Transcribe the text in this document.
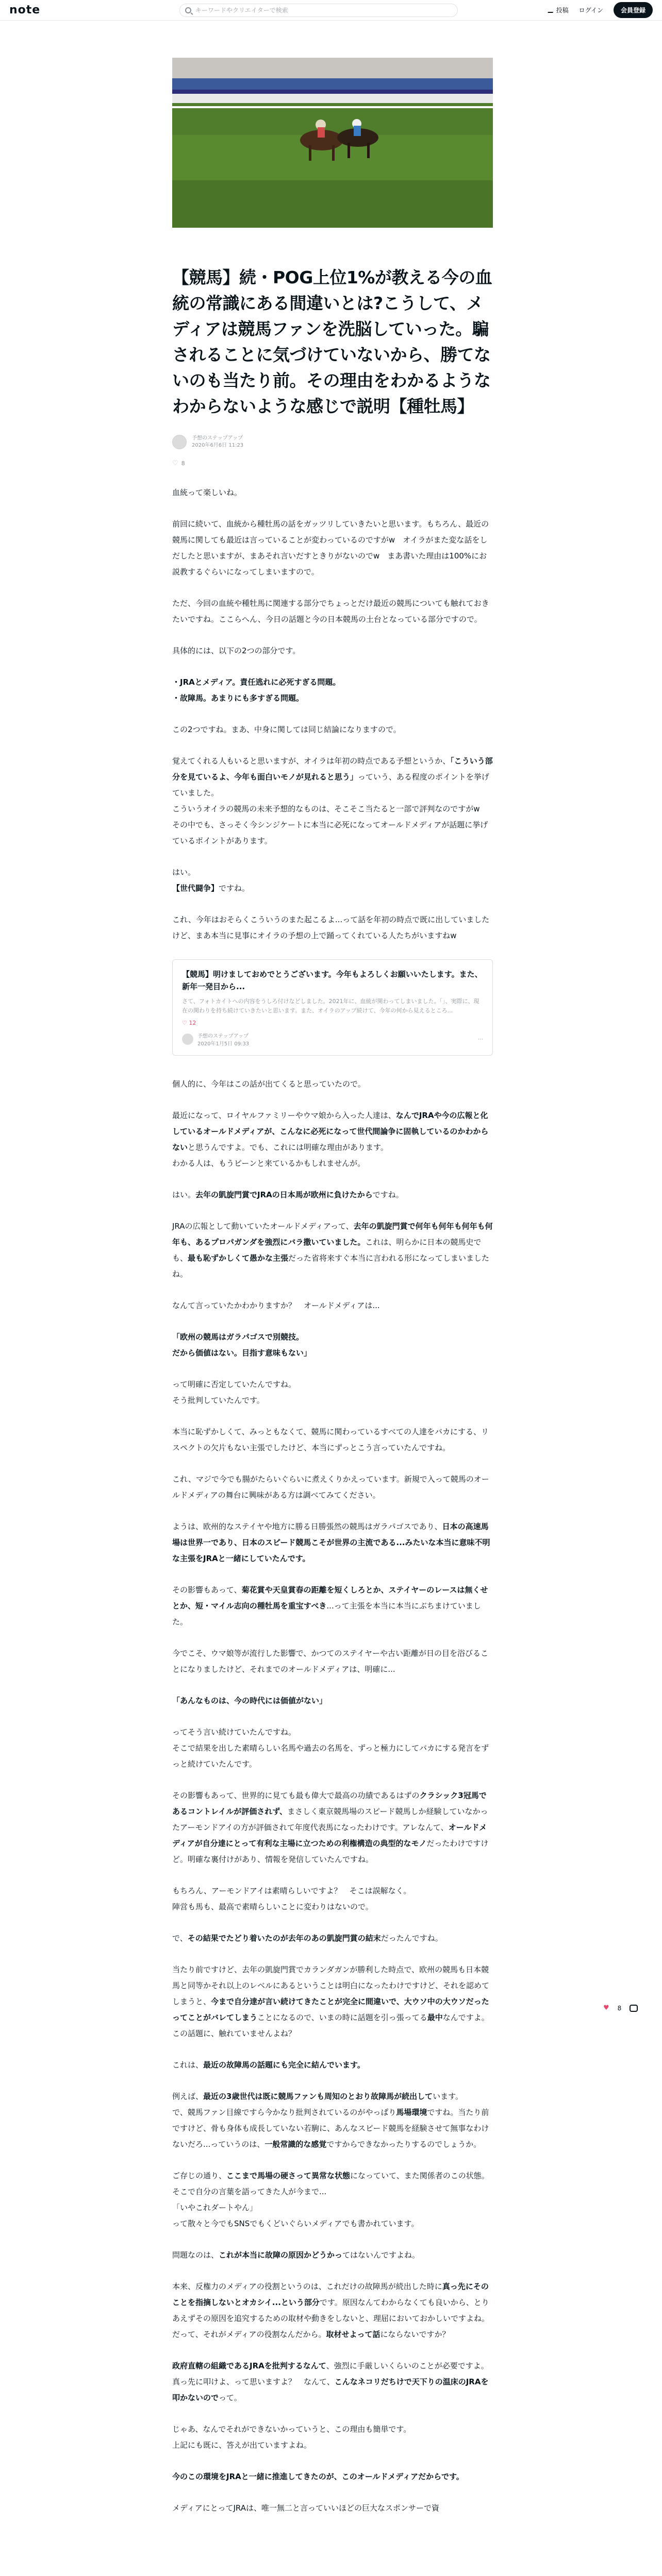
note	キーワードやクリエイターで検索	投稿 ログイン	会員登録
【競馬】続・POG上位1%が教える今の血統の常識にある間違いとは?こうして、メディアは競馬ファンを洗脳していった。騙されることに気づけていないから、勝てないのも当たり前。その理由をわかるようなわからないような感じで説明【種牡馬】
予想のステップアップ
2020年6月6日 11:23
♡ 8

血統って楽しいね。

前回に続いて、血統から種牡馬の話をガッツリしていきたいと思います。もちろん、最近の競馬に関しても最近は言っていることが変わっているのですがw　オイラがまた変な話をしだしたと思いますが、まあそれ言いだすときりがないのでw　まあ書いた理由は100%にお説教するぐらいになってしまいますので。

ただ、今回の血統や種牡馬に関連する部分でちょっとだけ最近の競馬についても触れておきたいですね。ここらへん、今日の話題と今の日本競馬の土台となっている部分ですので。

具体的には、以下の2つの部分です。

・JRAとメディア。責任逃れに必死すぎる問題。
・故障馬。あまりにも多すぎる問題。

この2つですね。まあ、中身に関しては同じ結論になりますので。

覚えてくれる人もいると思いますが、オイラは年初の時点である予想というか、「こういう部分を見ているよ、今年も面白いモノが見れると思う」っていう、ある程度のポイントを挙げていました。
こういうオイラの競馬の未来予想的なものは、そこそこ当たると一部で評判なのですがw　その中でも、さっそく今シンジケートに本当に必死になってオールドメディアが話題に挙げているポイントがあります。

はい。
【世代闘争】ですね。

これ、今年はおそらくこういうのまた起こるよ...って話を年初の時点で既に出していましたけど、まあ本当に見事にオイラの予想の上で踊ってくれている人たちがいますねw

【競馬】明けましておめでとうございます。今年もよろしくお願いいたします。また、新年一発目から...
さて、フォトカイトへの内容をうしろ付けなどしました。2021年に、血統が関わってしまいました。「」、実際に、現在の関わりを持ち続けていきたいと思います。また、オイラのアップ続けて、今年の何から見えるところ...
♡ 12
予想のステップアップ
2020年1月5日 09:33
⋯

個人的に、今年はこの話が出てくると思っていたので。

最近になって、ロイヤルファミリーやウマ娘から入った人達は、なんでJRAや今の広報と化しているオールドメディアが、こんなに必死になって世代間論争に固執しているのかわからないと思うんですよ。でも、これには明確な理由があります。
わかる人は、もうピーンと来ているかもしれませんが。

はい。去年の凱旋門賞でJRAの日本馬が欧州に負けたからですね。

JRAの広報として動いていたオールドメディアって、去年の凱旋門賞で何年も何年も何年も何年も、あるプロパガンダを強烈にバラ撒いていました。これは、明らかに日本の競馬史でも、最も恥ずかしくて愚かな主張だった省将来すぐ本当に言われる形になってしまいましたね。

なんて言っていたかわかりますか？　オールドメディアは...

「欧州の競馬はガラパゴスで別競技。
だから価値はない。目指す意味もない」

って明確に否定していたんですね。
そう批判していたんです。

本当に恥ずかしくて、みっともなくて、競馬に関わっているすべての人達をバカにする、リスペクトの欠片もない主張でしたけど、本当にずっとこう言っていたんですね。

これ、マジで今でも腸がたらいぐらいに煮えくりかえっています。新規で入って競馬のオールドメディアの舞台に興味がある方は調べてみてください。

ようは、欧州的なステイヤや地方に勝る日勝張然の競馬はガラパゴスであり、日本の高速馬場は世界一であり、日本のスピード競馬こそが世界の主流である...みたいな本当に意味不明な主張をJRAと一緒にしていたんです。

その影響もあって、菊花賞や天皇賞春の距離を短くしろとか、ステイヤーのレースは無くせとか、短・マイル志向の種牡馬を重宝すべき...って主張を本当に本当にぶちまけていました。

今でこそ、ウマ娘等が流行した影響で、かつてのステイヤーや古い距離が日の目を浴びることになりましたけど、それまでのオールドメディアは、明確に...

「あんなものは、今の時代には価値がない」

ってそう言い続けていたんですね。
そこで結果を出した素晴らしい名馬や過去の名馬を、ずっと極力にしてバカにする発言をずっと続けていたんです。

その影響もあって、世界的に見ても最も偉大で最高の功績であるはずのクラシック3冠馬であるコントレイルが評価されず、まさしく東京競馬場のスピード競馬しか経験していなかったアーモンドアイの方が評価されて年度代表馬になったわけです。アレなんて、オールドメディアが自分達にとって有利な主場に立つための利権構造の典型的なモノだったわけですけど。明確な裏付けがあり、情報を発信していたんですね。

もちろん、アーモンドアイは素晴らしいですよ？　そこは誤解なく。
陣営も馬も、最高で素晴らしいことに変わりはないので。

で、その結果でたどり着いたのが去年のあの凱旋門賞の結末だったんですね。

当たり前ですけど、去年の凱旋門賞でカランダガンが勝利した時点で、欧州の競馬も日本競馬と同等かそれ以上のレベルにあるということは明白になったわけですけど、それを認めてしまうと、今まで自分達が言い続けてきたことが完全に間違いで、大ウソ中の大ウソだったってことがバレてしまうことになるので、いまの時に話題を引っ張ってる最中なんですよ。
この話題に、触れていませんよね？

これは、最近の故障馬の話題にも完全に結んでいます。

例えば、最近の3歳世代は既に競馬ファンも周知のとおり故障馬が続出しています。
で、競馬ファン目線ですら今かなり批判されているのがやっぱり馬場環境ですね。当たり前ですけど、骨も身体も成長していない若駒に、あんなスピード競馬を経験させて無事なわけないだろ...っていうのは、一般常識的な感覚ですからできなかったりするのでしょうか。

ご存じの通り、ここまで馬場の硬さって異常な状態になっていて、また関係者のこの状態。そこで自分の言葉を語ってきた人が今まで...
「いやこれダートやん」
って散々と今でもSNSでもくどいぐらいメディアでも書かれています。

問題なのは、これが本当に故障の原因かどうかってはないんですよね。

本来、反権力のメディアの役割というのは、これだけの故障馬が続出した時に真っ先にそのことを指摘しないとオカシイ...という部分です。原因なんてわからなくても良いから、とりあえずその原因を追究するための取材や動きをしないと、理屈においておかしいですよね。だって、それがメディアの役割なんだから。取材せよって話にならないですか？

政府直轄の組織であるJRAを批判するなんて、強烈に手厳しいくらいのことが必要ですよ。真っ先に叩けよ、って思いますよ？　なんて、こんなネコリだちけで天下りの温床のJRAを叩かないのでって。

じゃあ、なんでそれができないかっていうと、この理由も簡単です。
上記にも既に、答えが出ていますよね。

今のこの環境をJRAと一緒に推進してきたのが、このオールドメディアだからです。

メディアにとってJRAは、唯一無二と言っていいほどの巨大なスポンサーで資

♥ 8
